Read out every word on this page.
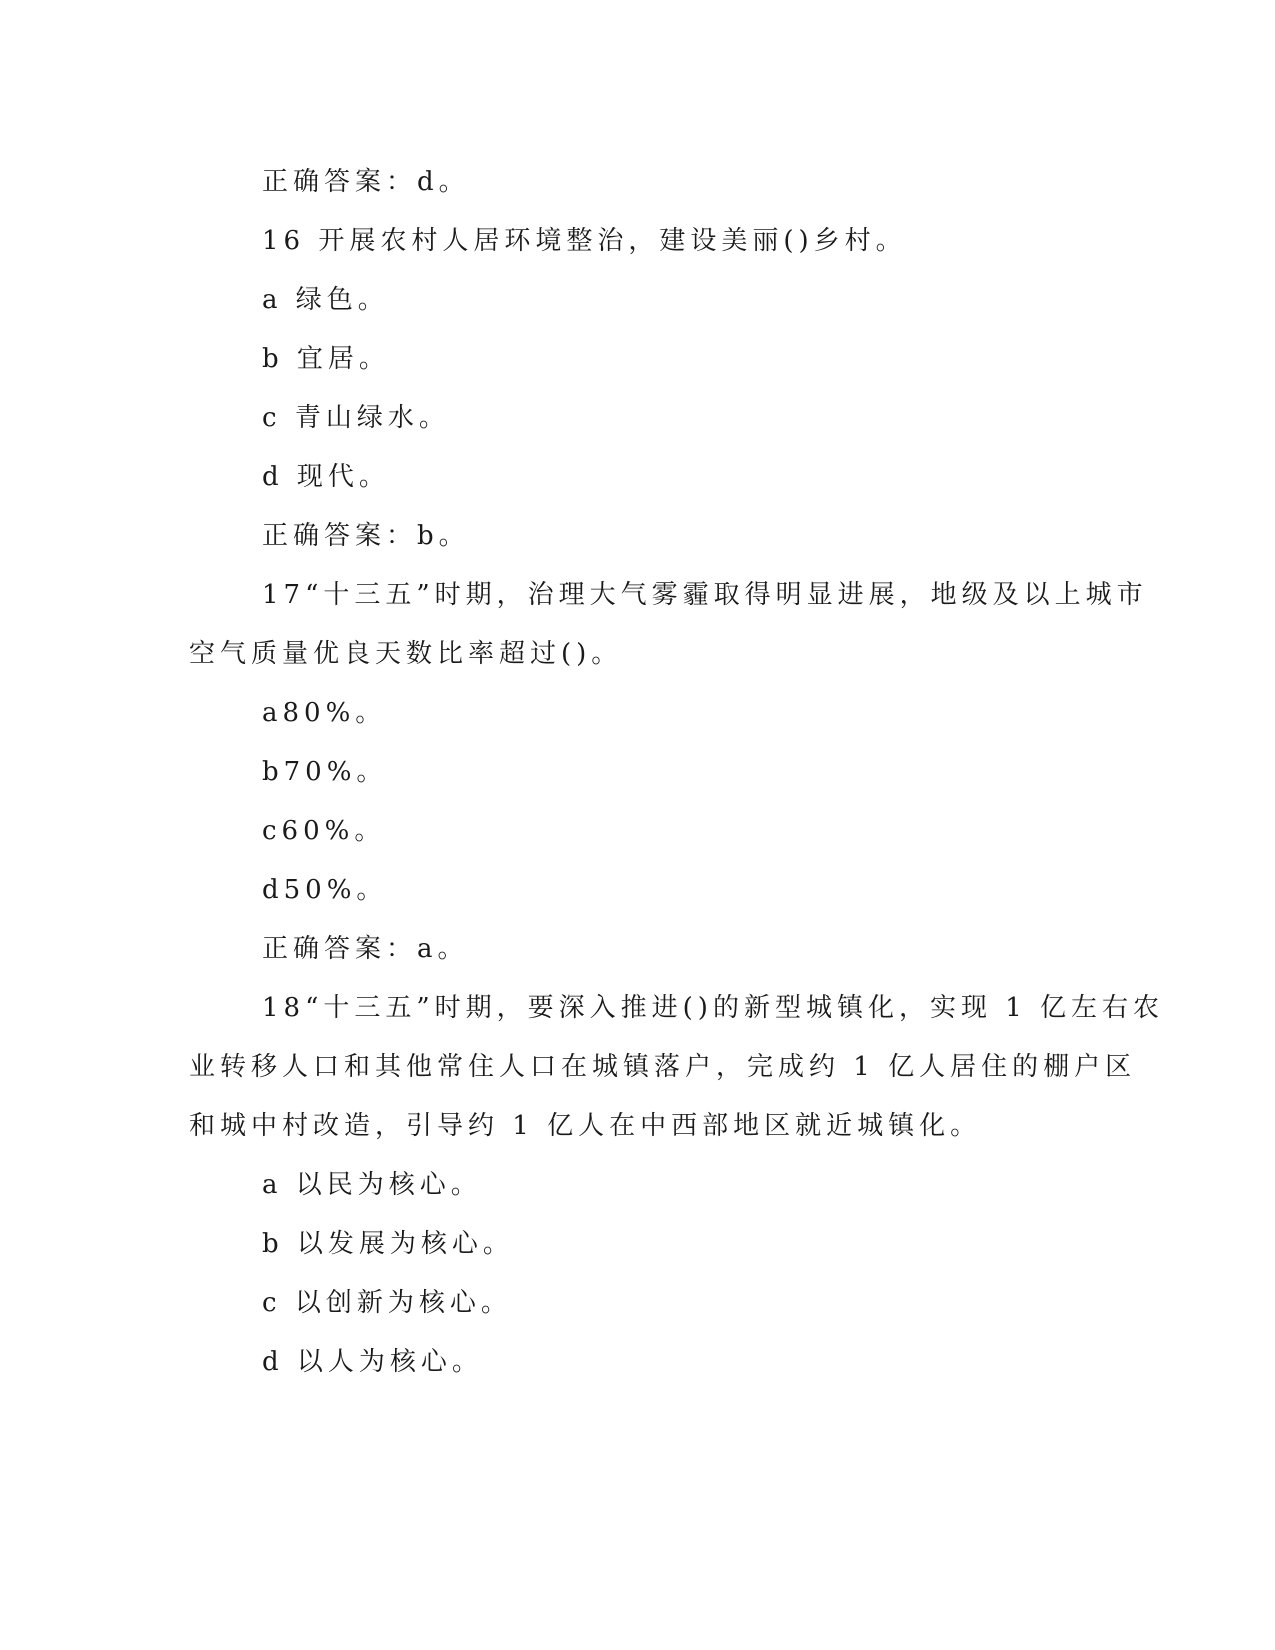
正确答案：d。
16 开展农村人居环境整治，建设美丽()乡村。
a 绿色。
b 宜居。
c 青山绿水。
d 现代。
正确答案：b。
17“十三五”时期，治理大气雾霾取得明显进展，地级及以上城市
空气质量优良天数比率超过()。
a80%。
b70%。
c60%。
d50%。
正确答案：a。
18“十三五”时期，要深入推进()的新型城镇化，实现 1 亿左右农
业转移人口和其他常住人口在城镇落户，完成约 1 亿人居住的棚户区
和城中村改造，引导约 1 亿人在中西部地区就近城镇化。
a 以民为核心。
b 以发展为核心。
c 以创新为核心。
d 以人为核心。
